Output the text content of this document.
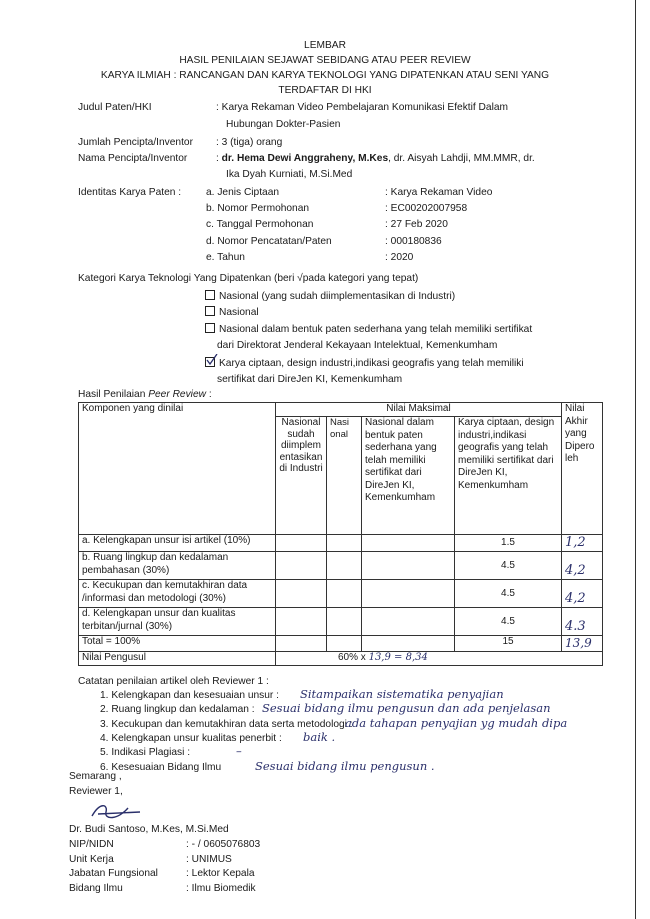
LEMBAR
HASIL PENILAIAN SEJAWAT SEBIDANG ATAU PEER REVIEW
KARYA ILMIAH : RANCANGAN DAN KARYA TEKNOLOGI YANG DIPATENKAN ATAU SENI YANG
TERDAFTAR DI HKI
Judul Paten/HKI	: Karya Rekaman Video Pembelajaran Komunikasi Efektif Dalam
Hubungan Dokter-Pasien
Jumlah Pencipta/Inventor : 3 (tiga) orang
Nama Pencipta/Inventor	: dr. Hema Dewi Anggraheny, M.Kes, dr. Aisyah Lahdji, MM.MMR, dr.
Ika Dyah Kurniati, M.Si.Med
Identitas Karya Paten : a. Jenis Ciptaan	: Karya Rekaman Video
b. Nomor Permohonan	: EC00202007958
c. Tanggal Permohonan	: 27 Feb 2020
d. Nomor Pencatatan/Paten	: 000180836
e. Tahun	: 2020
Kategori Karya Teknologi Yang Dipatenkan (beri √pada kategori yang tepat)
Nasional (yang sudah diimplementasikan di Industri)
Nasional
Nasional dalam bentuk paten sederhana yang telah memiliki sertifikat
dari Direktorat Jenderal Kekayaan Intelektual, Kemenkumham
Karya ciptaan, design industri,indikasi geografis yang telah memiliki
sertifikat dari DireJen KI, Kemenkumham
Hasil Penilaian Peer Review :
Komponen yang dinilai	Nilai Maksimal				Nilai Akhir yang Dipero leh
	Nasional sudah diimplem entasikan di Industri	Nasi onal	Nasional dalam bentuk paten sederhana yang telah memiliki sertifikat dari DireJen KI, Kemenkumham	Karya ciptaan, design industri,indikasi geografis yang telah memiliki sertifikat dari DireJen KI, Kemenkumham	
a. Kelengkapan unsur isi artikel (10%)				1.5	1,2
b. Ruang lingkup dan kedalaman pembahasan (30%)				4.5	4,2
c. Kecukupan dan kemutakhiran data /informasi dan metodologi (30%)				4.5	4,2
d. Kelengkapan unsur dan kualitas terbitan/jurnal (30%)				4.5	4.3
Total = 100%				15	13,9
Nilai Pengusul	60% x 13,9 = 8,34				
Catatan penilaian artikel oleh Reviewer 1 :
1. Kelengkapan dan kesesuaian unsur : Sitampaikan sistematika penyajian
2. Ruang lingkup dan kedalaman : Sesuai bidang ilmu pengusun dan ada penjelasan
3. Kecukupan dan kemutakhiran data serta metodologi :
ada tahapan penyajian yg mudah dipa
4. Kelengkapan unsur kualitas penerbit : baik .
5. Indikasi Plagiasi :	–
6. Kesesuaian Bidang Ilmu	Sesuai bidang ilmu pengusun .
Semarang ,
Reviewer 1,
Dr. Budi Santoso, M.Kes, M.Si.Med
NIP/NIDN	: - / 0605076803
Unit Kerja	: UNIMUS
Jabatan Fungsional	: Lektor Kepala
Bidang Ilmu	: Ilmu Biomedik
